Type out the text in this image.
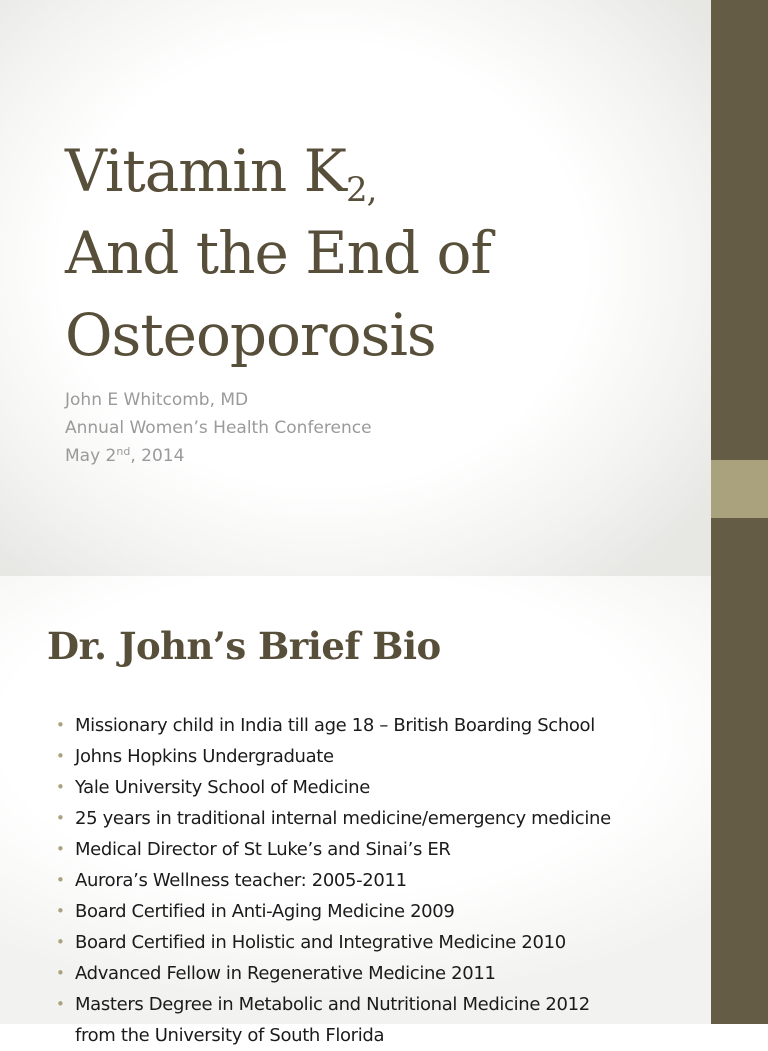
Vitamin $K_{2,}$
And the End of
Osteoporosis
John E Whitcomb, MD
Annual Women’s Health Conference
May 2nd, 2014
Dr. John’s Brief Bio
• Missionary child in India till age 18 – British Boarding School
• Johns Hopkins Undergraduate
• Yale University School of Medicine
• 25 years in traditional internal medicine/emergency medicine
• Medical Director of St Luke’s and Sinai’s ER
• Aurora’s Wellness teacher: 2005-2011
• Board Certified in Anti-Aging Medicine 2009
• Board Certified in Holistic and Integrative Medicine 2010
• Advanced Fellow in Regenerative Medicine 2011
• Masters Degree in Metabolic and Nutritional Medicine 2012
from the University of South Florida
